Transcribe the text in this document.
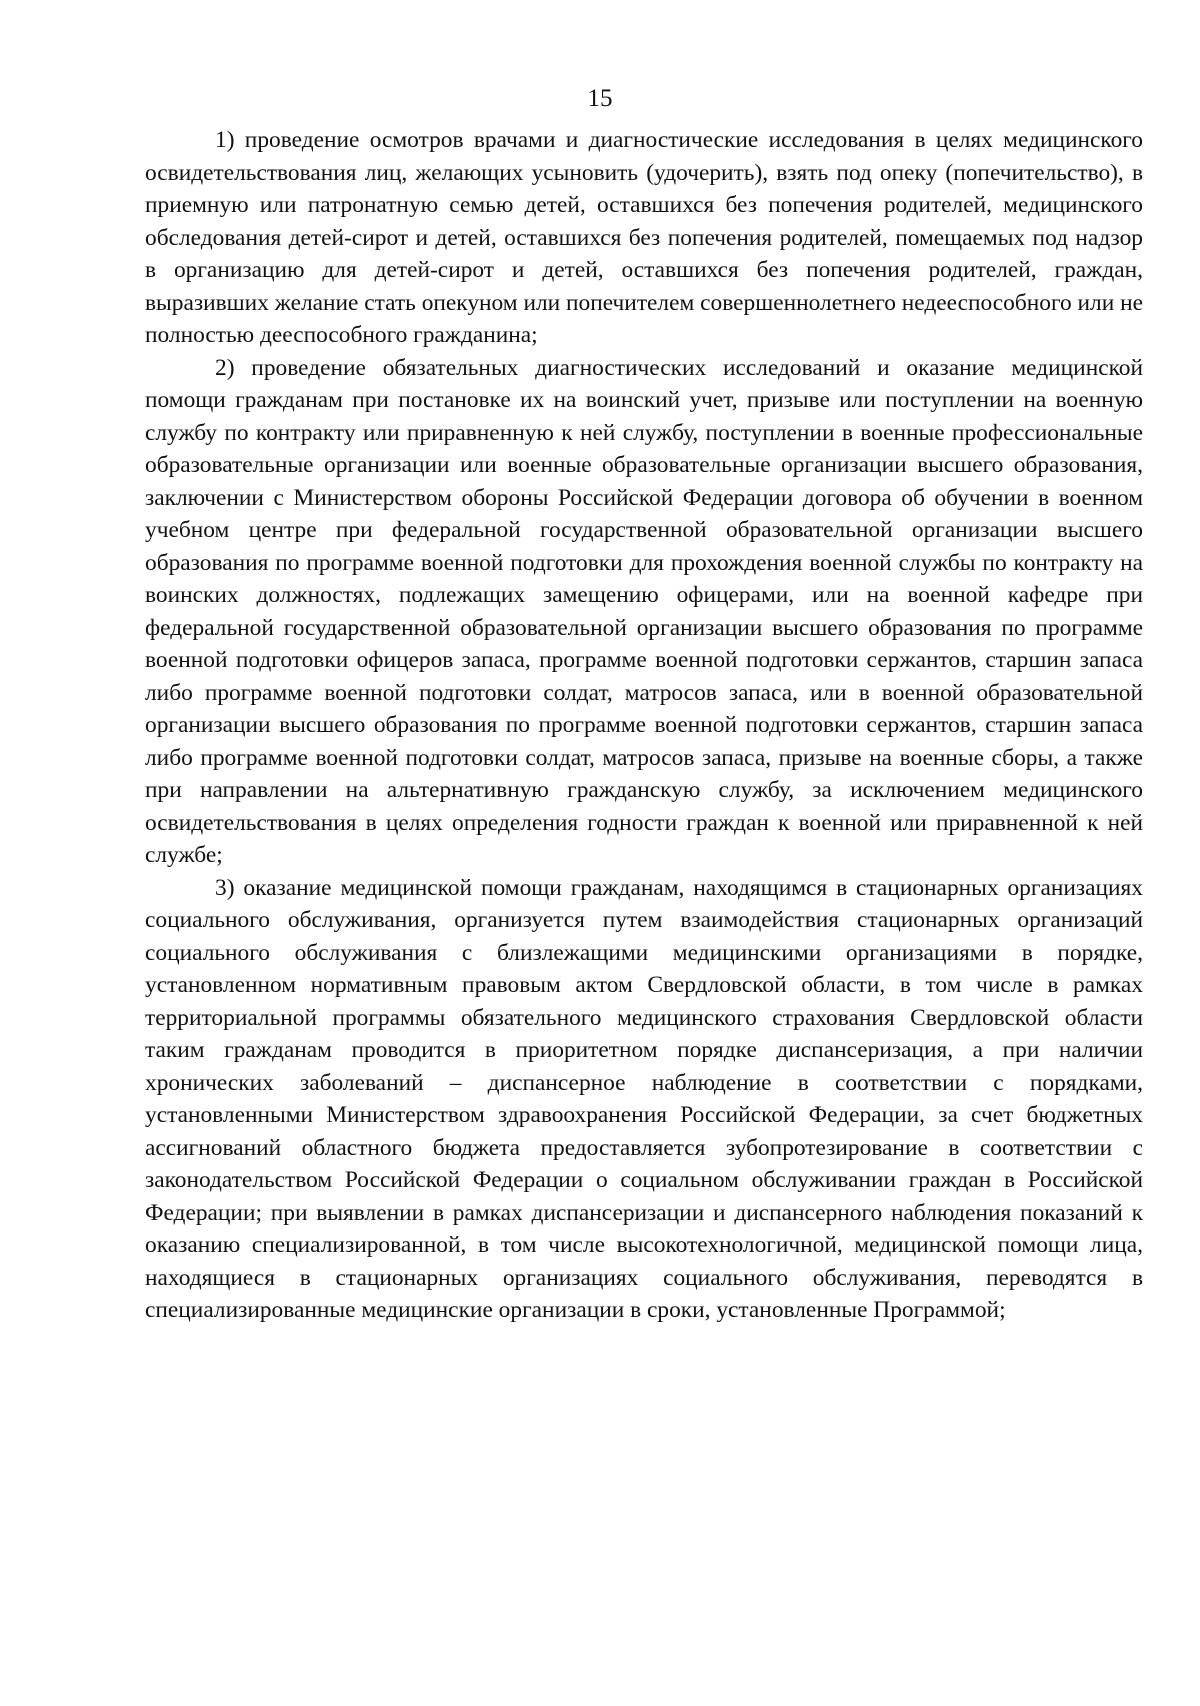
15

1) проведение осмотров врачами и диагностические исследования в целях медицинского освидетельствования лиц, желающих усыновить (удочерить), взять под опеку (попечительство), в приемную или патронатную семью детей, оставшихся без попечения родителей, медицинского обследования детей-сирот и детей, оставшихся без попечения родителей, помещаемых под надзор в организацию для детей-сирот и детей, оставшихся без попечения родителей, граждан, выразивших желание стать опекуном или попечителем совершеннолетнего недееспособного или не полностью дееспособного гражданина;

2) проведение обязательных диагностических исследований и оказание медицинской помощи гражданам при постановке их на воинский учет, призыве или поступлении на военную службу по контракту или приравненную к ней службу, поступлении в военные профессиональные образовательные организации или военные образовательные организации высшего образования, заключении с Министерством обороны Российской Федерации договора об обучении в военном учебном центре при федеральной государственной образовательной организации высшего образования по программе военной подготовки для прохождения военной службы по контракту на воинских должностях, подлежащих замещению офицерами, или на военной кафедре при федеральной государственной образовательной организации высшего образования по программе военной подготовки офицеров запаса, программе военной подготовки сержантов, старшин запаса либо программе военной подготовки солдат, матросов запаса, или в военной образовательной организации высшего образования по программе военной подготовки сержантов, старшин запаса либо программе военной подготовки солдат, матросов запаса, призыве на военные сборы, а также при направлении на альтернативную гражданскую службу, за исключением медицинского освидетельствования в целях определения годности граждан к военной или приравненной к ней службе;

3) оказание медицинской помощи гражданам, находящимся в стационарных организациях социального обслуживания, организуется путем взаимодействия стационарных организаций социального обслуживания с близлежащими медицинскими организациями в порядке, установленном нормативным правовым актом Свердловской области, в том числе в рамках территориальной программы обязательного медицинского страхования Свердловской области таким гражданам проводится в приоритетном порядке диспансеризация, а при наличии хронических заболеваний – диспансерное наблюдение в соответствии с порядками, установленными Министерством здравоохранения Российской Федерации, за счет бюджетных ассигнований областного бюджета предоставляется зубопротезирование в соответствии с законодательством Российской Федерации о социальном обслуживании граждан в Российской Федерации; при выявлении в рамках диспансеризации и диспансерного наблюдения показаний к оказанию специализированной, в том числе высокотехнологичной, медицинской помощи лица, находящиеся в стационарных организациях социального обслуживания, переводятся в специализированные медицинские организации в сроки, установленные Программой;
